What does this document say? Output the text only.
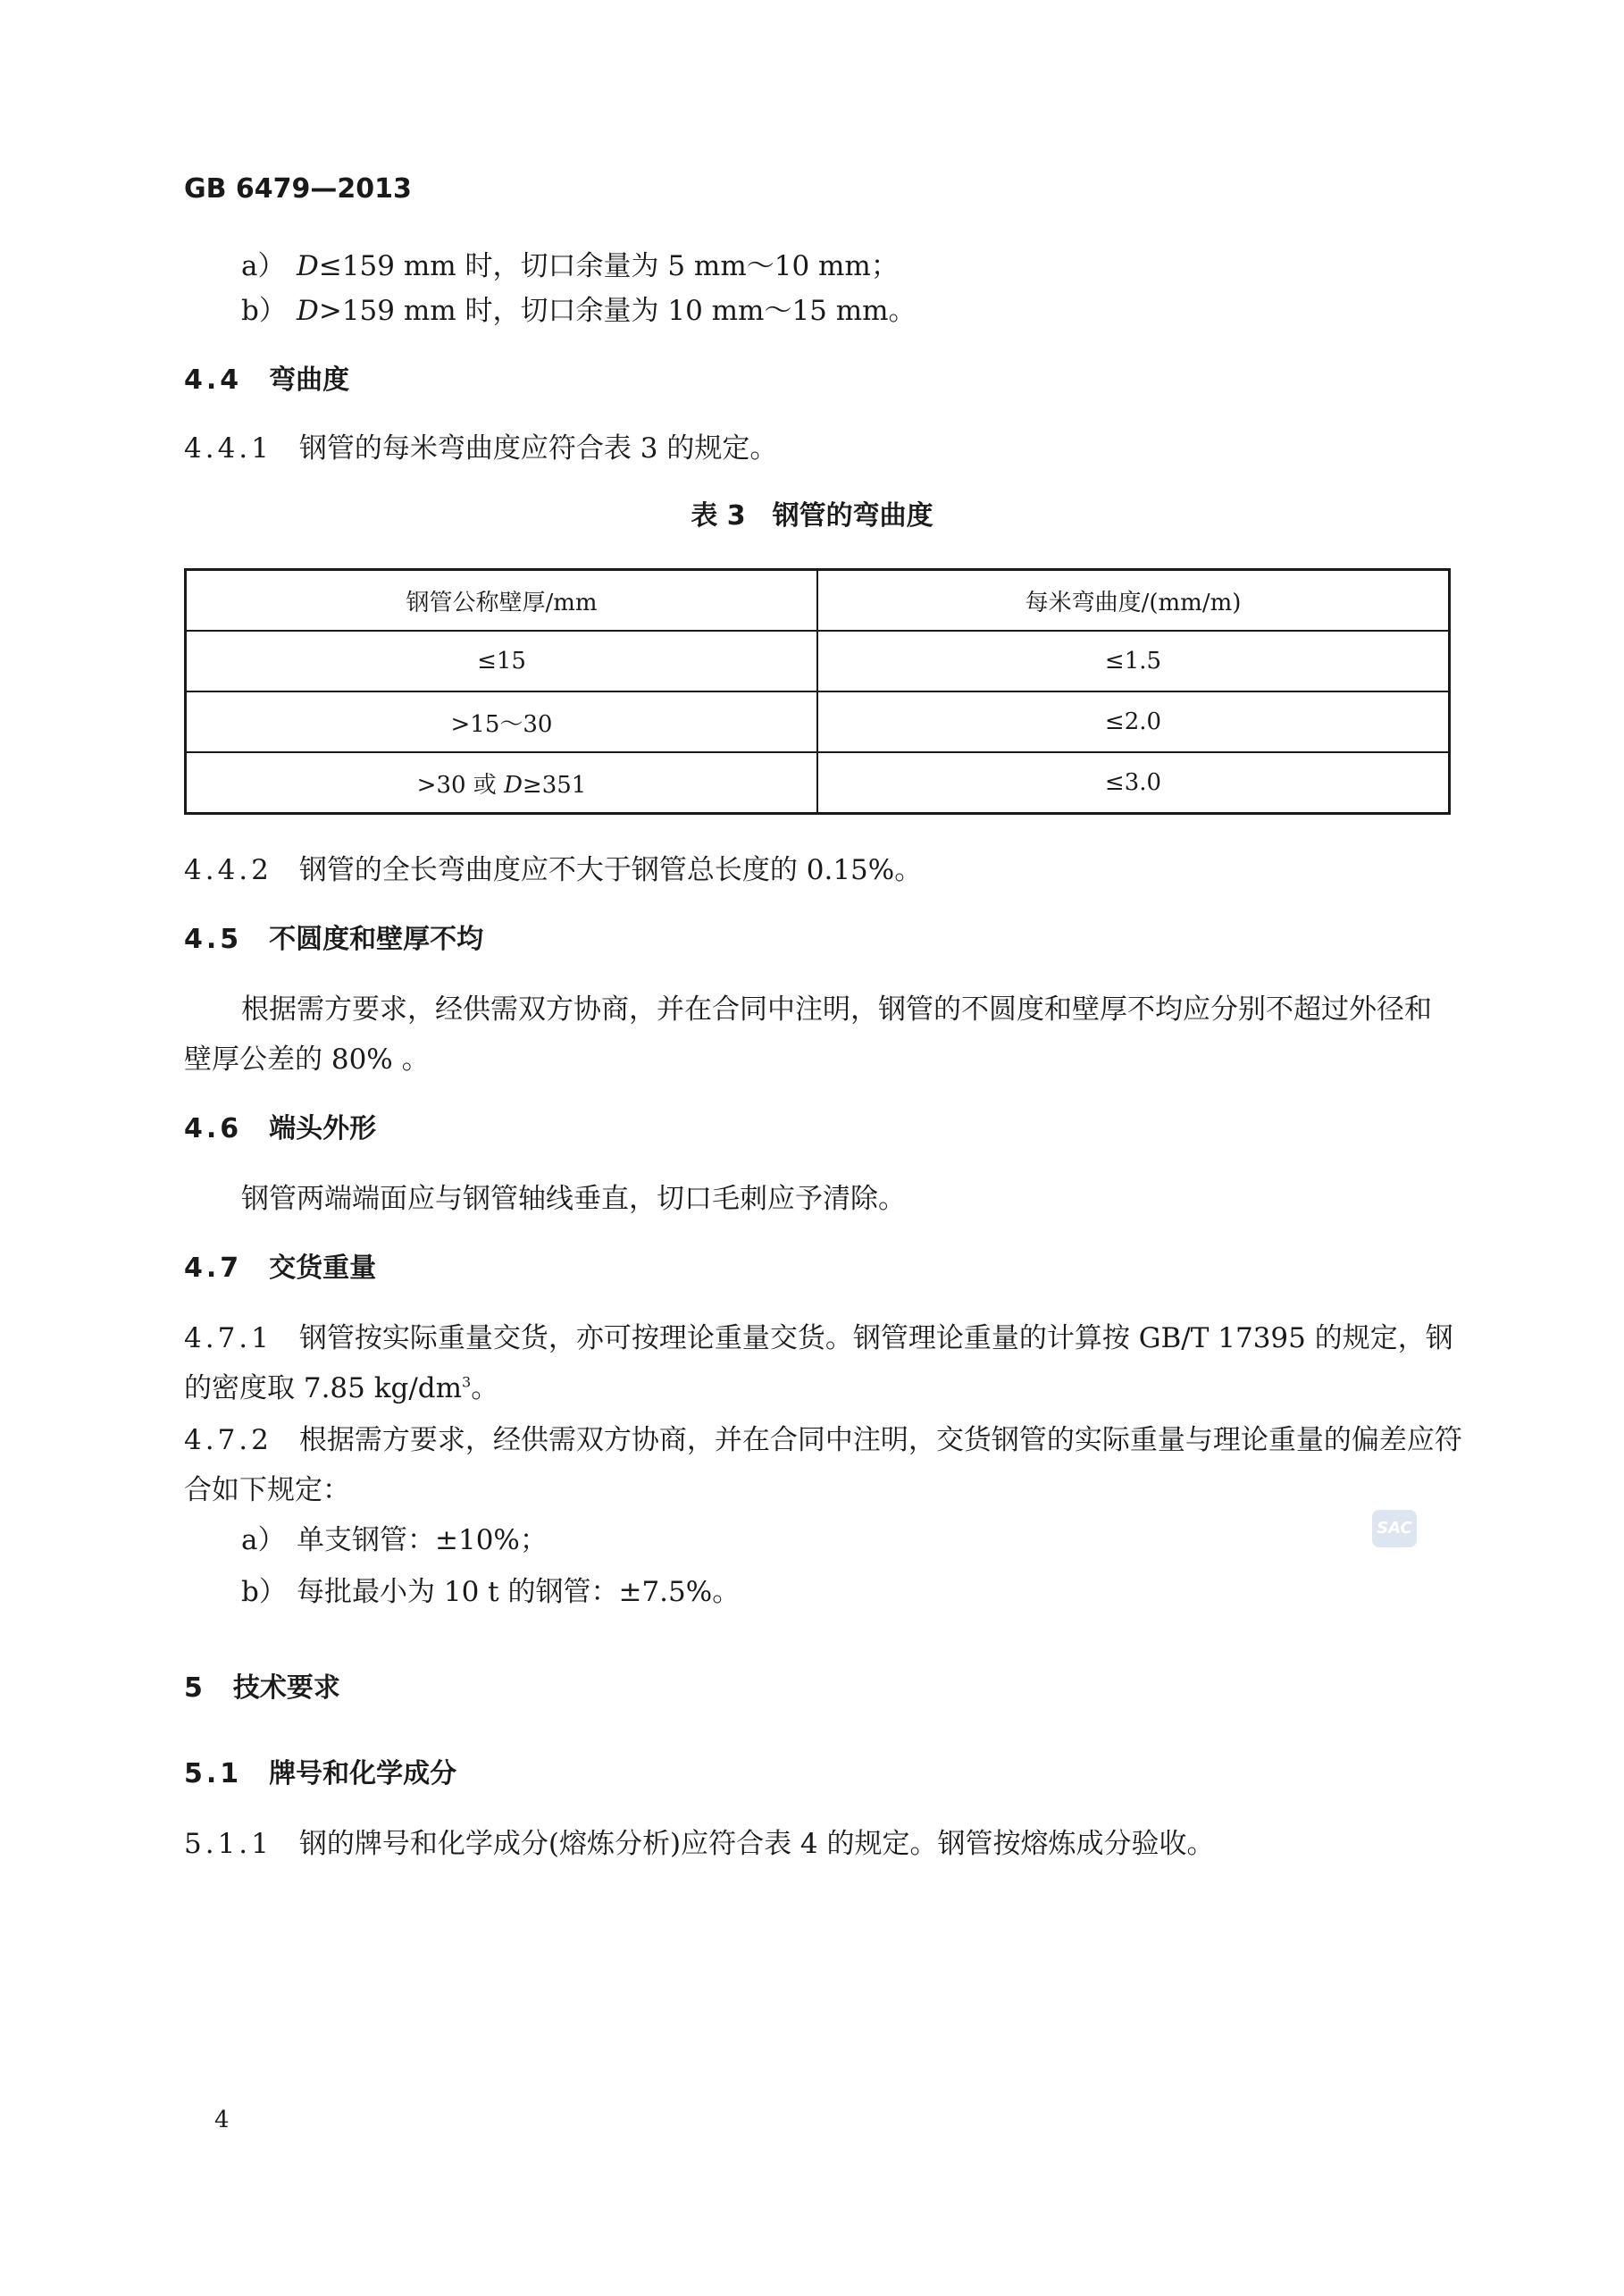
GB 6479—2013
a） D≤159 mm 时，切口余量为 5 mm～10 mm；
b） D>159 mm 时，切口余量为 10 mm～15 mm。
4.4 弯曲度
4.4.1 钢管的每米弯曲度应符合表 3 的规定。
表 3　钢管的弯曲度
钢管公称壁厚/mm	每米弯曲度/(mm/m)
≤15	≤1.5
>15～30	≤2.0
>30 或 D≥351	≤3.0
4.4.2 钢管的全长弯曲度应不大于钢管总长度的 0.15%。
4.5 不圆度和壁厚不均
根据需方要求，经供需双方协商，并在合同中注明，钢管的不圆度和壁厚不均应分别不超过外径和
壁厚公差的 80% 。
4.6 端头外形
钢管两端端面应与钢管轴线垂直，切口毛刺应予清除。
4.7 交货重量
4.7.1 钢管按实际重量交货，亦可按理论重量交货。钢管理论重量的计算按 GB/T 17395 的规定，钢
的密度取 7.85 $kg/dm^3$。
4.7.2 根据需方要求，经供需双方协商，并在合同中注明，交货钢管的实际重量与理论重量的偏差应符
合如下规定：
a） 单支钢管：±10%；
b） 每批最小为 10 t 的钢管：±7.5%。
SAC
5 技术要求
5.1 牌号和化学成分
5.1.1 钢的牌号和化学成分(熔炼分析)应符合表 4 的规定。钢管按熔炼成分验收。
4
